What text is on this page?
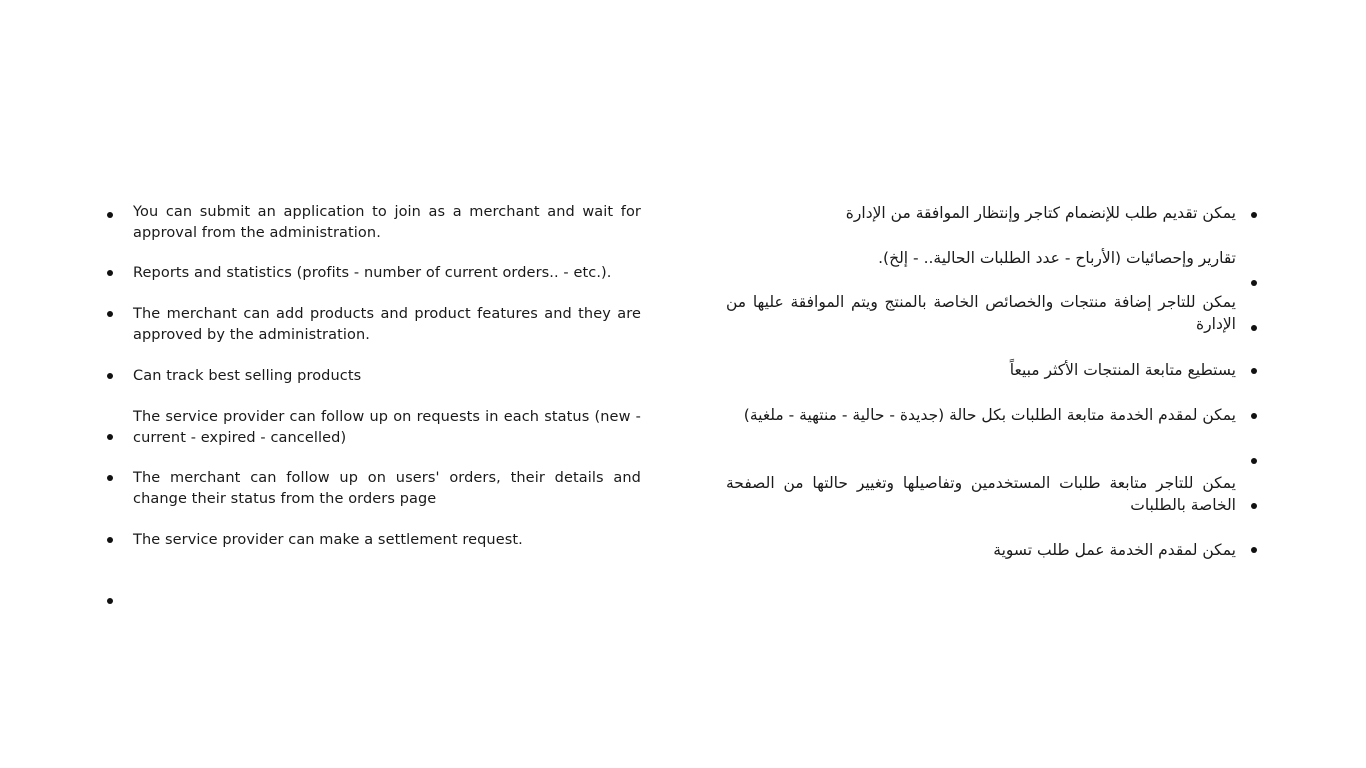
You can submit an application to join as a merchant and wait for approval from the administration.
Reports and statistics (profits - number of current orders.. - etc.).
The merchant can add products and product features and they are approved by the administration.
Can track best selling products
The service provider can follow up on requests in each status (new - current - expired - cancelled)
The merchant can follow up on users' orders, their details and change their status from the orders page
The service provider can make a settlement request.
يمكن تقديم طلب للإنضمام كتاجر وإنتظار الموافقة من الإدارة
تقارير وإحصائيات (الأرباح - عدد الطلبات الحالية.. - إلخ).
يمكن للتاجر إضافة منتجات والخصائص الخاصة بالمنتج ويتم الموافقة عليها من الإدارة
يستطيع متابعة المنتجات الأكثر مبيعاً
يمكن لمقدم الخدمة متابعة الطلبات بكل حالة (جديدة - حالية - منتهية - ملغية)
يمكن للتاجر متابعة طلبات المستخدمين وتفاصيلها وتغيير حالتها من الصفحة الخاصة بالطلبات
يمكن لمقدم الخدمة عمل طلب تسوية
